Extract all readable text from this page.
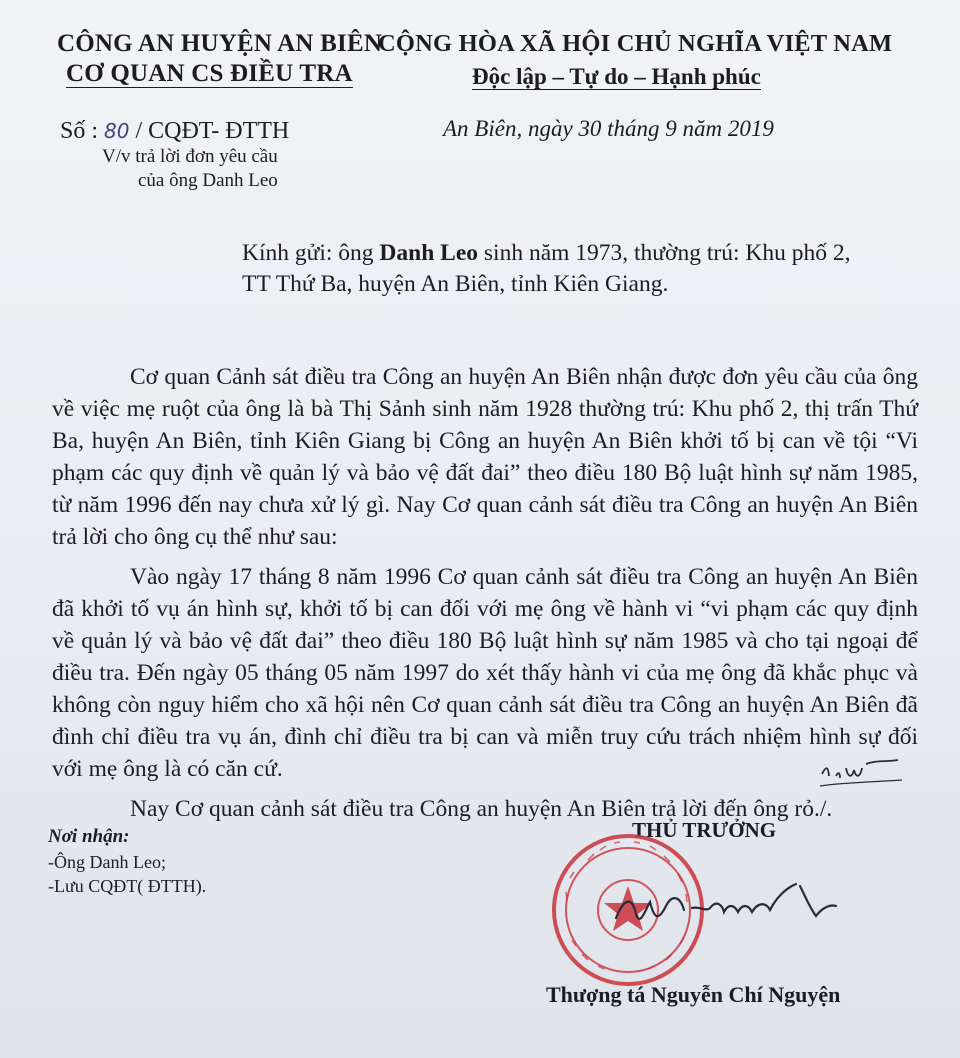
CÔNG AN HUYỆN AN BIÊN
CƠ QUAN CS ĐIỀU TRA
CỘNG HÒA XÃ HỘI CHỦ NGHĨA VIỆT NAM
Độc lập – Tự do – Hạnh phúc
Số : 80 / CQĐT- ĐTTH
V/v trả lời đơn yêu cầu
của ông Danh Leo
An Biên, ngày 30 tháng 9 năm 2019
Kính gửi: ông Danh Leo sinh năm 1973, thường trú: Khu phố 2,
TT Thứ Ba, huyện An Biên, tỉnh Kiên Giang.

Cơ quan Cảnh sát điều tra Công an huyện An Biên nhận được đơn yêu cầu của ông về việc mẹ ruột của ông là bà Thị Sảnh sinh năm 1928 thường trú: Khu phố 2, thị trấn Thứ Ba, huyện An Biên, tỉnh Kiên Giang bị Công an huyện An Biên khởi tố bị can về tội “Vi phạm các quy định về quản lý và bảo vệ đất đai” theo điều 180 Bộ luật hình sự năm 1985, từ năm 1996 đến nay chưa xử lý gì. Nay Cơ quan cảnh sát điều tra Công an huyện An Biên trả lời cho ông cụ thể như sau:

Vào ngày 17 tháng 8 năm 1996 Cơ quan cảnh sát điều tra Công an huyện An Biên đã khởi tố vụ án hình sự, khởi tố bị can đối với mẹ ông về hành vi “vi phạm các quy định về quản lý và bảo vệ đất đai” theo điều 180 Bộ luật hình sự năm 1985 và cho tại ngoại để điều tra. Đến ngày 05 tháng 05 năm 1997 do xét thấy hành vi của mẹ ông đã khắc phục và không còn nguy hiểm cho xã hội nên Cơ quan cảnh sát điều tra Công an huyện An Biên đã đình chỉ điều tra vụ án, đình chỉ điều tra bị can và miễn truy cứu trách nhiệm hình sự đối với mẹ ông là có căn cứ.

Nay Cơ quan cảnh sát điều tra Công an huyện An Biên trả lời đến ông rỏ./.

Nơi nhận:
-Ông Danh Leo;
-Lưu CQĐT( ĐTTH).
THỦ TRƯỞNG
Thượng tá Nguyễn Chí Nguyện
